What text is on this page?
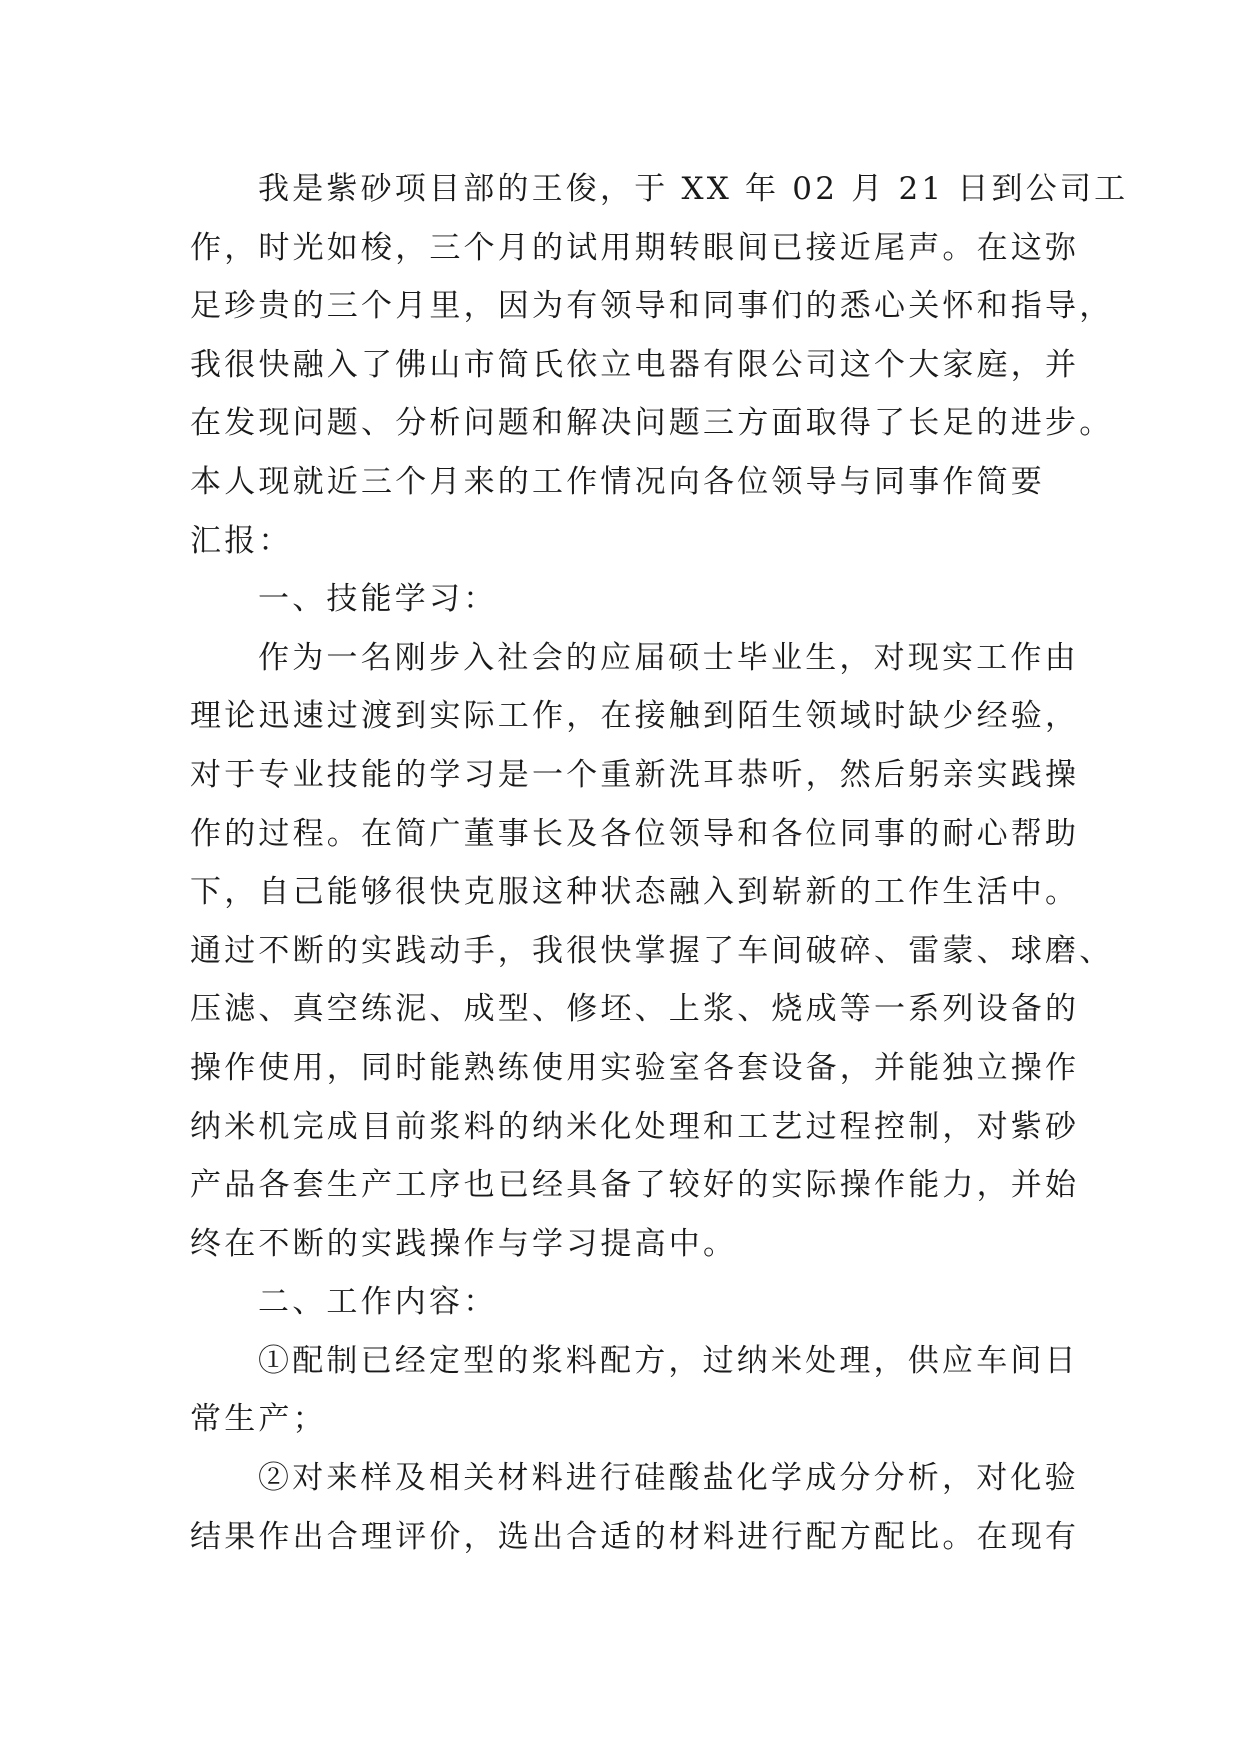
我是紫砂项目部的王俊，于 XX 年 02 月 21 日到公司工
作，时光如梭，三个月的试用期转眼间已接近尾声。在这弥
足珍贵的三个月里，因为有领导和同事们的悉心关怀和指导，
我很快融入了佛山市简氏依立电器有限公司这个大家庭，并
在发现问题、分析问题和解决问题三方面取得了长足的进步。
本人现就近三个月来的工作情况向各位领导与同事作简要
汇报：
一、技能学习：
作为一名刚步入社会的应届硕士毕业生，对现实工作由
理论迅速过渡到实际工作，在接触到陌生领域时缺少经验，
对于专业技能的学习是一个重新洗耳恭听，然后躬亲实践操
作的过程。在简广董事长及各位领导和各位同事的耐心帮助
下，自己能够很快克服这种状态融入到崭新的工作生活中。
通过不断的实践动手，我很快掌握了车间破碎、雷蒙、球磨、
压滤、真空练泥、成型、修坯、上浆、烧成等一系列设备的
操作使用，同时能熟练使用实验室各套设备，并能独立操作
纳米机完成目前浆料的纳米化处理和工艺过程控制，对紫砂
产品各套生产工序也已经具备了较好的实际操作能力，并始
终在不断的实践操作与学习提高中。
二、工作内容：
①配制已经定型的浆料配方，过纳米处理，供应车间日
常生产；
②对来样及相关材料进行硅酸盐化学成分分析，对化验
结果作出合理评价，选出合适的材料进行配方配比。在现有
